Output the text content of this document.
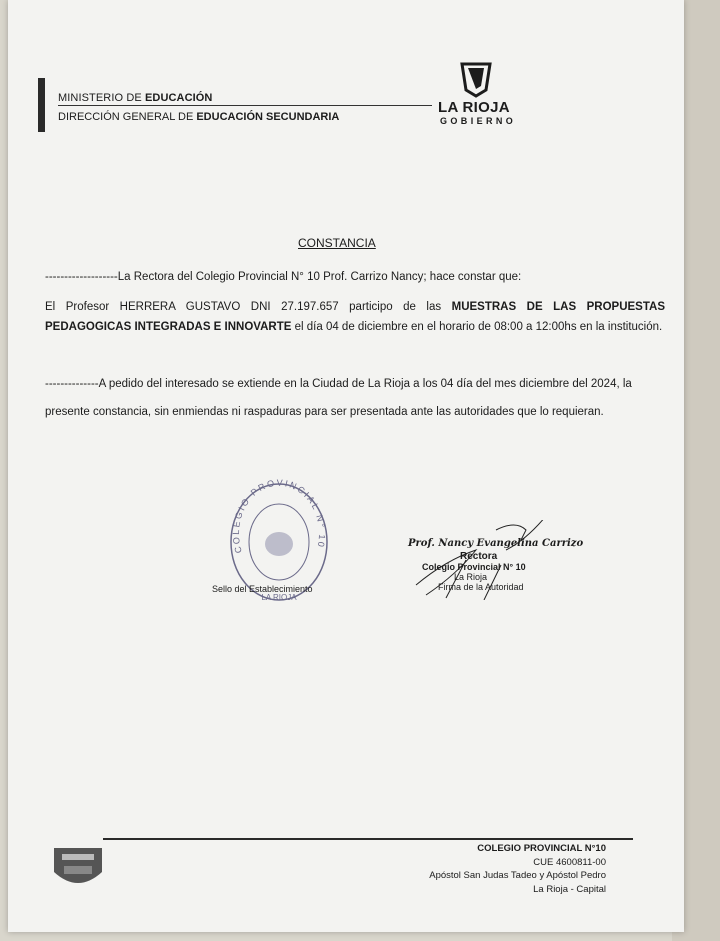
MINISTERIO DE EDUCACIÓN
DIRECCIÓN GENERAL DE EDUCACIÓN SECUNDARIA
LA RIOJA
GOBIERNO
CONSTANCIA
-------------------La Rectora del Colegio Provincial N° 10 Prof. Carrizo Nancy; hace constar que:
El Profesor HERRERA GUSTAVO DNI 27.197.657 participo de las MUESTRAS DE LAS PROPUESTAS PEDAGOGICAS INTEGRADAS E INNOVARTE el día 04 de diciembre en el horario de 08:00 a 12:00hs en la institución.
--------------A pedido del interesado se extiende en la Ciudad de La Rioja a los 04 día del mes diciembre del 2024, la presente constancia, sin enmiendas ni raspaduras para ser presentada ante las autoridades que lo requieran.
COLEGIO PROVINCIAL N° 10
LA RIOJA
Sello del Establecimiento
Prof. Nancy Evangelina Carrizo
Rectora
Colegio Provincial N° 10
La Rioja
Firma de la Autoridad
COLEGIO PROVINCIAL N°10
CUE 4600811-00
Apóstol San Judas Tadeo y Apóstol Pedro
La Rioja - Capital
